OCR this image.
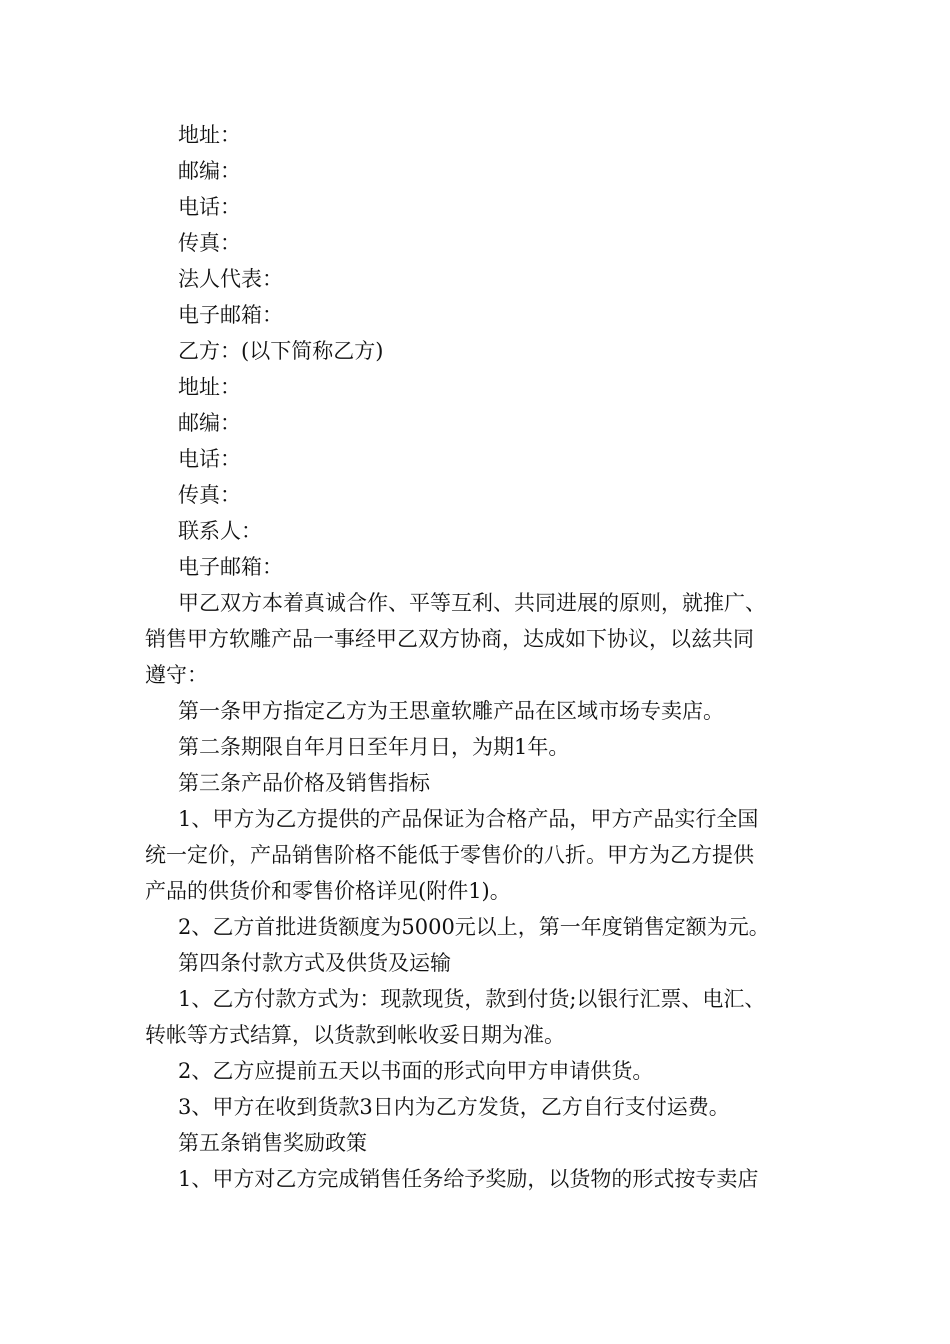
地址：
邮编：
电话：
传真：
法人代表：
电子邮箱：
乙方：(以下简称乙方)
地址：
邮编：
电话：
传真：
联系人：
电子邮箱：
甲乙双方本着真诚合作、平等互利、共同进展的原则，就推广、
销售甲方软雕产品一事经甲乙双方协商，达成如下协议，以兹共同
遵守：
第一条甲方指定乙方为王思童软雕产品在区域市场专卖店。
第二条期限自年月日至年月日，为期1年。
第三条产品价格及销售指标
1、甲方为乙方提供的产品保证为合格产品，甲方产品实行全国
统一定价，产品销售阶格不能低于零售价的八折。甲方为乙方提供
产品的供货价和零售价格详见(附件1)。
2、乙方首批进货额度为5000元以上，第一年度销售定额为元。
第四条付款方式及供货及运输
1、乙方付款方式为：现款现货，款到付货;以银行汇票、电汇、
转帐等方式结算，以货款到帐收妥日期为准。
2、乙方应提前五天以书面的形式向甲方申请供货。
3、甲方在收到货款3日内为乙方发货，乙方自行支付运费。
第五条销售奖励政策
1、甲方对乙方完成销售任务给予奖励，以货物的形式按专卖店
